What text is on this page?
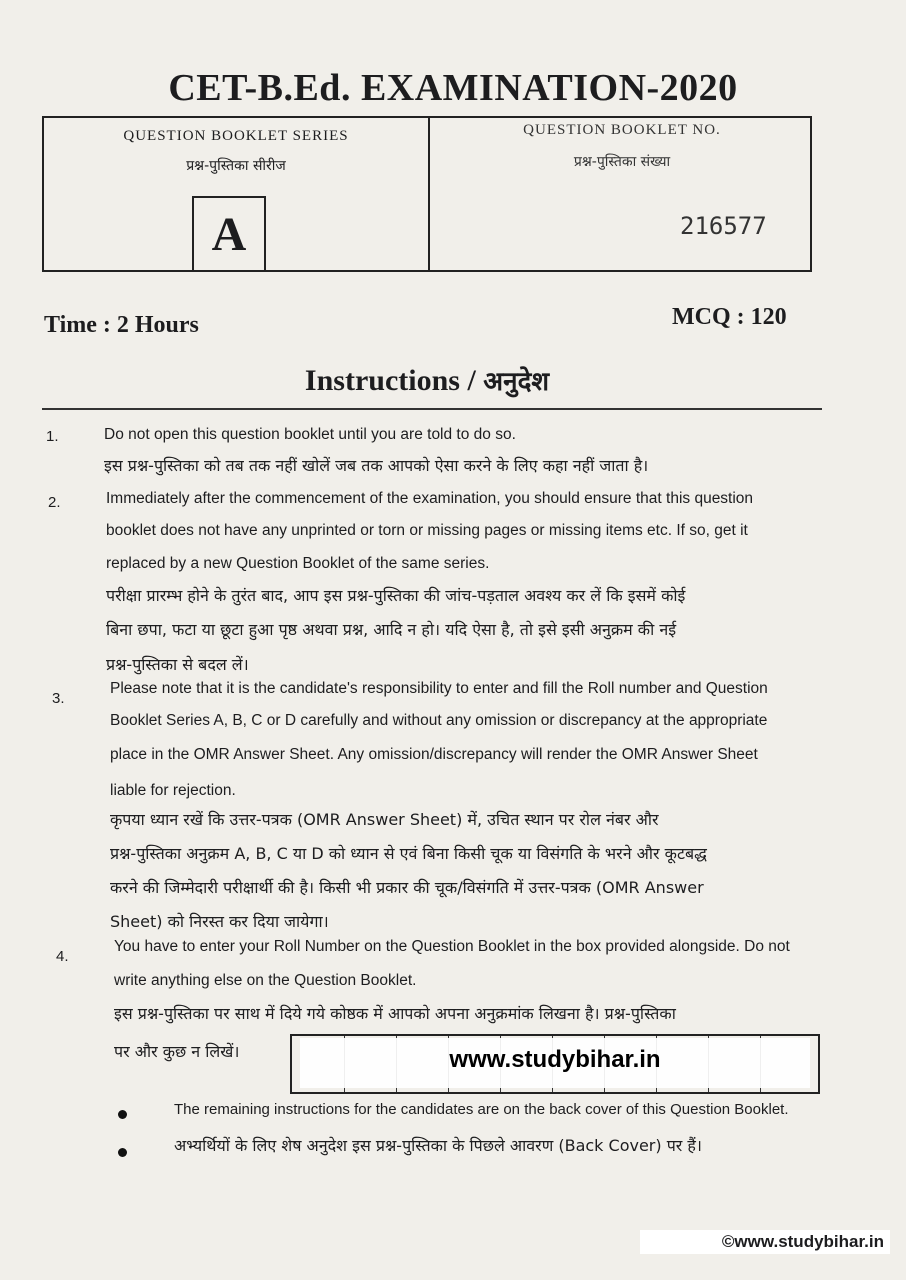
CET-B.Ed. EXAMINATION-2020
QUESTION BOOKLET SERIES
प्रश्न-पुस्तिका सीरीज
A
QUESTION BOOKLET NO.
प्रश्न-पुस्तिका संख्या
216577
Time : 2 Hours	MCQ : 120
Instructions / अनुदेश
1.	Do not open this question booklet until you are told to do so.
इस प्रश्न-पुस्तिका को तब तक नहीं खोलें जब तक आपको ऐसा करने के लिए कहा नहीं जाता है।
2.	Immediately after the commencement of the examination, you should ensure that this question
booklet does not have any unprinted or torn or missing pages or missing items etc. If so, get it
replaced by a new Question Booklet of the same series.
परीक्षा प्रारम्भ होने के तुरंत बाद, आप इस प्रश्न-पुस्तिका की जांच-पड़ताल अवश्य कर लें कि इसमें कोई
बिना छपा, फटा या छूटा हुआ पृष्ठ अथवा प्रश्न, आदि न हो। यदि ऐसा है, तो इसे इसी अनुक्रम की नई
प्रश्न-पुस्तिका से बदल लें।
3.
Please note that it is the candidate's responsibility to enter and fill the Roll number and Question
Booklet Series A, B, C or D carefully and without any omission or discrepancy at the appropriate
place in the OMR Answer Sheet. Any omission/discrepancy will render the OMR Answer Sheet
liable for rejection.
कृपया ध्यान रखें कि उत्तर-पत्रक (OMR Answer Sheet) में, उचित स्थान पर रोल नंबर और
प्रश्न-पुस्तिका अनुक्रम A, B, C या D को ध्यान से एवं बिना किसी चूक या विसंगति के भरने और कूटबद्ध
करने की जिम्मेदारी परीक्षार्थी की है। किसी भी प्रकार की चूक/विसंगति में उत्तर-पत्रक (OMR Answer
Sheet) को निरस्त कर दिया जायेगा।
4.
You have to enter your Roll Number on the Question Booklet in the box provided alongside. Do not
write anything else on the Question Booklet.
इस प्रश्न-पुस्तिका पर साथ में दिये गये कोष्ठक में आपको अपना अनुक्रमांक लिखना है। प्रश्न-पुस्तिका
पर और कुछ न लिखें।	www.studybihar.in
The remaining instructions for the candidates are on the back cover of this Question Booklet.
अभ्यर्थियों के लिए शेष अनुदेश इस प्रश्न-पुस्तिका के पिछले आवरण (Back Cover) पर हैं।
©www.studybihar.in
